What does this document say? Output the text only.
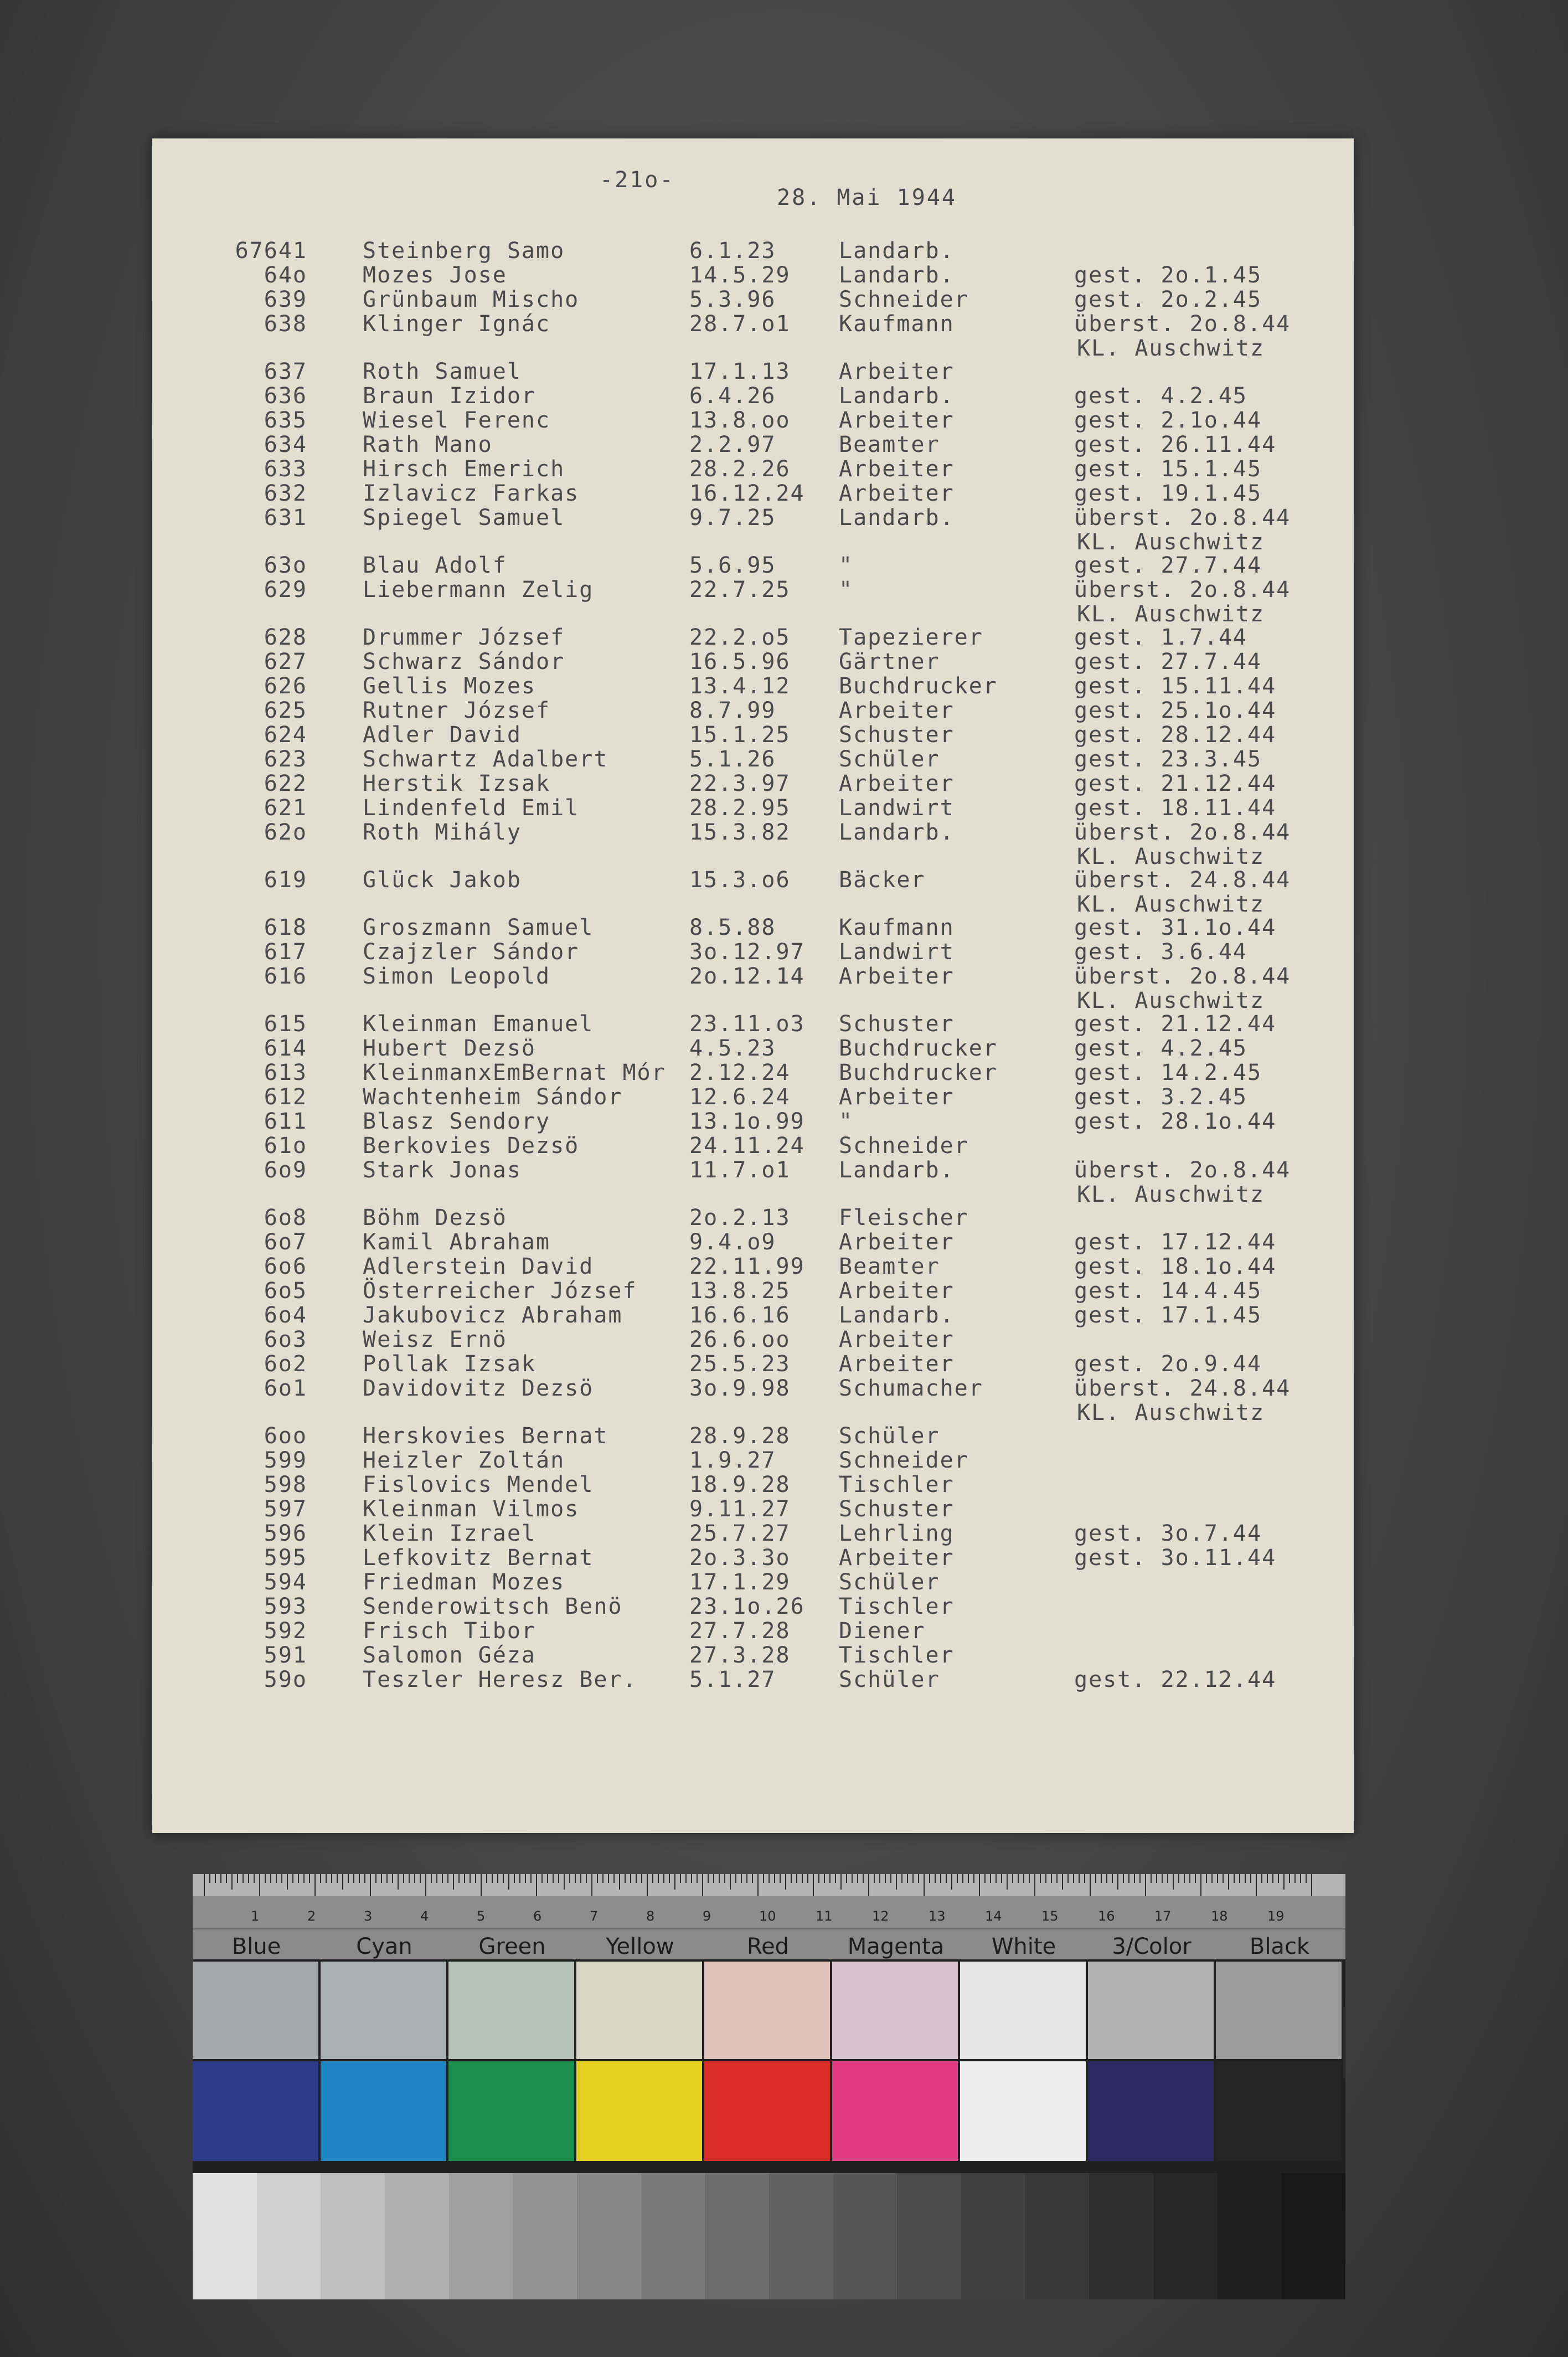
-21o-
28. Mai 1944
67641	Steinberg Samo	6.1.23	Landarb.
64o	Mozes Jose	14.5.29 Landarb.	gest. 2o.1.45
639	Grünbaum Mischo	5.3.96	Schneider	gest. 2o.2.45
638	Klinger Ignác	28.7.o1 Kaufmann	überst. 2o.8.44
KL. Auschwitz
637	Roth Samuel	17.1.13 Arbeiter
636	Braun Izidor	6.4.26	Landarb.	gest. 4.2.45
635	Wiesel Ferenc	13.8.oo Arbeiter	gest. 2.1o.44
634	Rath Mano	2.2.97	Beamter	gest. 26.11.44
633	Hirsch Emerich	28.2.26 Arbeiter	gest. 15.1.45
632	Izlavicz Farkas	16.12.24 Arbeiter	gest. 19.1.45
631	Spiegel Samuel	9.7.25	Landarb.	überst. 2o.8.44
KL. Auschwitz
63o	Blau Adolf	5.6.95	"	gest. 27.7.44
629	Liebermann Zelig	22.7.25 "	überst. 2o.8.44
KL. Auschwitz
628	Drummer József	22.2.o5 Tapezierer	gest. 1.7.44
627	Schwarz Sándor	16.5.96 Gärtner	gest. 27.7.44
626	Gellis Mozes	13.4.12 Buchdrucker	gest. 15.11.44
625	Rutner József	8.7.99	Arbeiter	gest. 25.1o.44
624	Adler David	15.1.25 Schuster	gest. 28.12.44
623	Schwartz Adalbert	5.1.26	Schüler	gest. 23.3.45
622	Herstik Izsak	22.3.97 Arbeiter	gest. 21.12.44
621	Lindenfeld Emil	28.2.95 Landwirt	gest. 18.11.44
62o	Roth Mihály	15.3.82 Landarb.	überst. 2o.8.44
KL. Auschwitz
619	Glück Jakob	15.3.o6 Bäcker	überst. 24.8.44
KL. Auschwitz
618	Groszmann Samuel	8.5.88	Kaufmann	gest. 31.1o.44
617	Czajzler Sándor	3o.12.97 Landwirt	gest. 3.6.44
616	Simon Leopold	2o.12.14 Arbeiter	überst. 2o.8.44
KL. Auschwitz
615	Kleinman Emanuel	23.11.o3 Schuster	gest. 21.12.44
614	Hubert Dezsö	4.5.23	Buchdrucker	gest. 4.2.45
613	KleinmanxEmBernat Mór 2.12.24 Buchdrucker	gest. 14.2.45
612	Wachtenheim Sándor	12.6.24 Arbeiter	gest. 3.2.45
611	Blasz Sendory	13.1o.99 "	gest. 28.1o.44
61o	Berkovies Dezsö	24.11.24 Schneider
6o9	Stark Jonas	11.7.o1 Landarb.	überst. 2o.8.44
KL. Auschwitz
6o8	Böhm Dezsö	2o.2.13 Fleischer
6o7	Kamil Abraham	9.4.o9	Arbeiter	gest. 17.12.44
6o6	Adlerstein David	22.11.99 Beamter	gest. 18.1o.44
6o5	Österreicher József 13.8.25 Arbeiter	gest. 14.4.45
6o4	Jakubovicz Abraham	16.6.16 Landarb.	gest. 17.1.45
6o3	Weisz Ernö	26.6.oo Arbeiter
6o2	Pollak Izsak	25.5.23 Arbeiter	gest. 2o.9.44
6o1	Davidovitz Dezsö	3o.9.98 Schumacher	überst. 24.8.44
KL. Auschwitz
6oo	Herskovies Bernat	28.9.28 Schüler
599	Heizler Zoltán	1.9.27	Schneider
598	Fislovics Mendel	18.9.28 Tischler
597	Kleinman Vilmos	9.11.27 Schuster
596	Klein Izrael	25.7.27 Lehrling	gest. 3o.7.44
595	Lefkovitz Bernat	2o.3.3o Arbeiter	gest. 3o.11.44
594	Friedman Mozes	17.1.29 Schüler
593	Senderowitsch Benö	23.1o.26 Tischler
592	Frisch Tibor	27.7.28 Diener
591	Salomon Géza	27.3.28 Tischler
59o	Teszler Heresz Ber. 5.1.27	Schüler	gest. 22.12.44
1	2	3	4	5	6	7	8	9	10	11	12	13	14	15	16	17	18	19
Blue	Cyan	Green	Yellow	Red	Magenta	White	3/Color	Black
